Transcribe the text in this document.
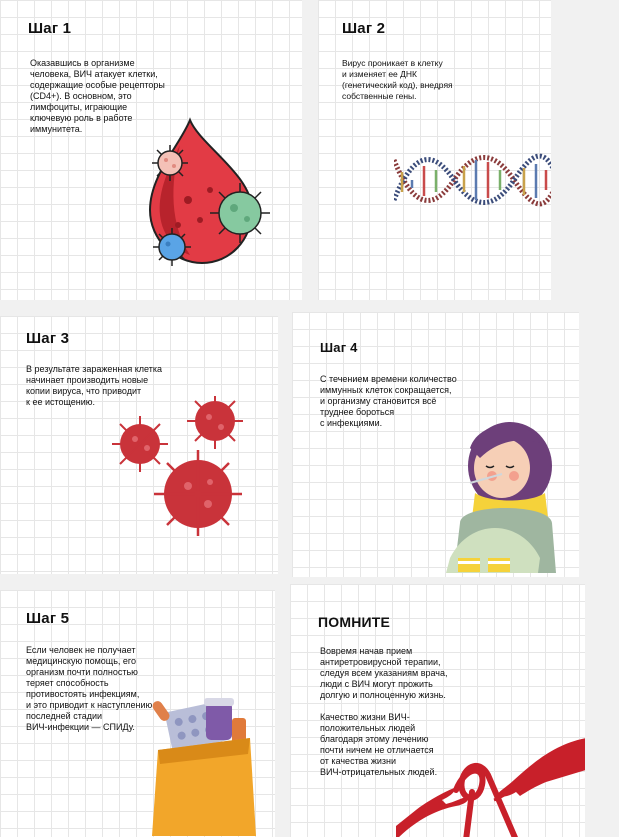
Шаг 1
Оказавшись в организме
человека, ВИЧ атакует клетки,
содержащие особые рецепторы
(CD4+). В основном, это
лимфоциты, играющие
ключевую роль в работе
иммунитета.
Шаг 2
Вирус проникает в клетку
и изменяет ее ДНК
(генетический код), внедряя
собственные гены.
Шаг 3
В результате зараженная клетка
начинает производить новые
копии вируса, что приводит
к ее истощению.
Шаг 4
С течением времени количество
иммунных клеток сокращается,
и организму становится всё
труднее бороться
с инфекциями.
Шаг 5
Если человек не получает
медицинскую помощь, его
организм почти полностью
теряет способность
противостоять инфекциям,
и это приводит к наступлению
последней стадии
ВИЧ-инфекции — СПИДу.
ПОМНИТЕ
Вовремя начав прием
антиретровирусной терапии,
следуя всем указаниям врача,
люди с ВИЧ могут прожить
долгую и полноценную жизнь.

Качество жизни ВИЧ-
положительных людей
благодаря этому лечению
почти ничем не отличается
от качества жизни
ВИЧ-отрицательных людей.
